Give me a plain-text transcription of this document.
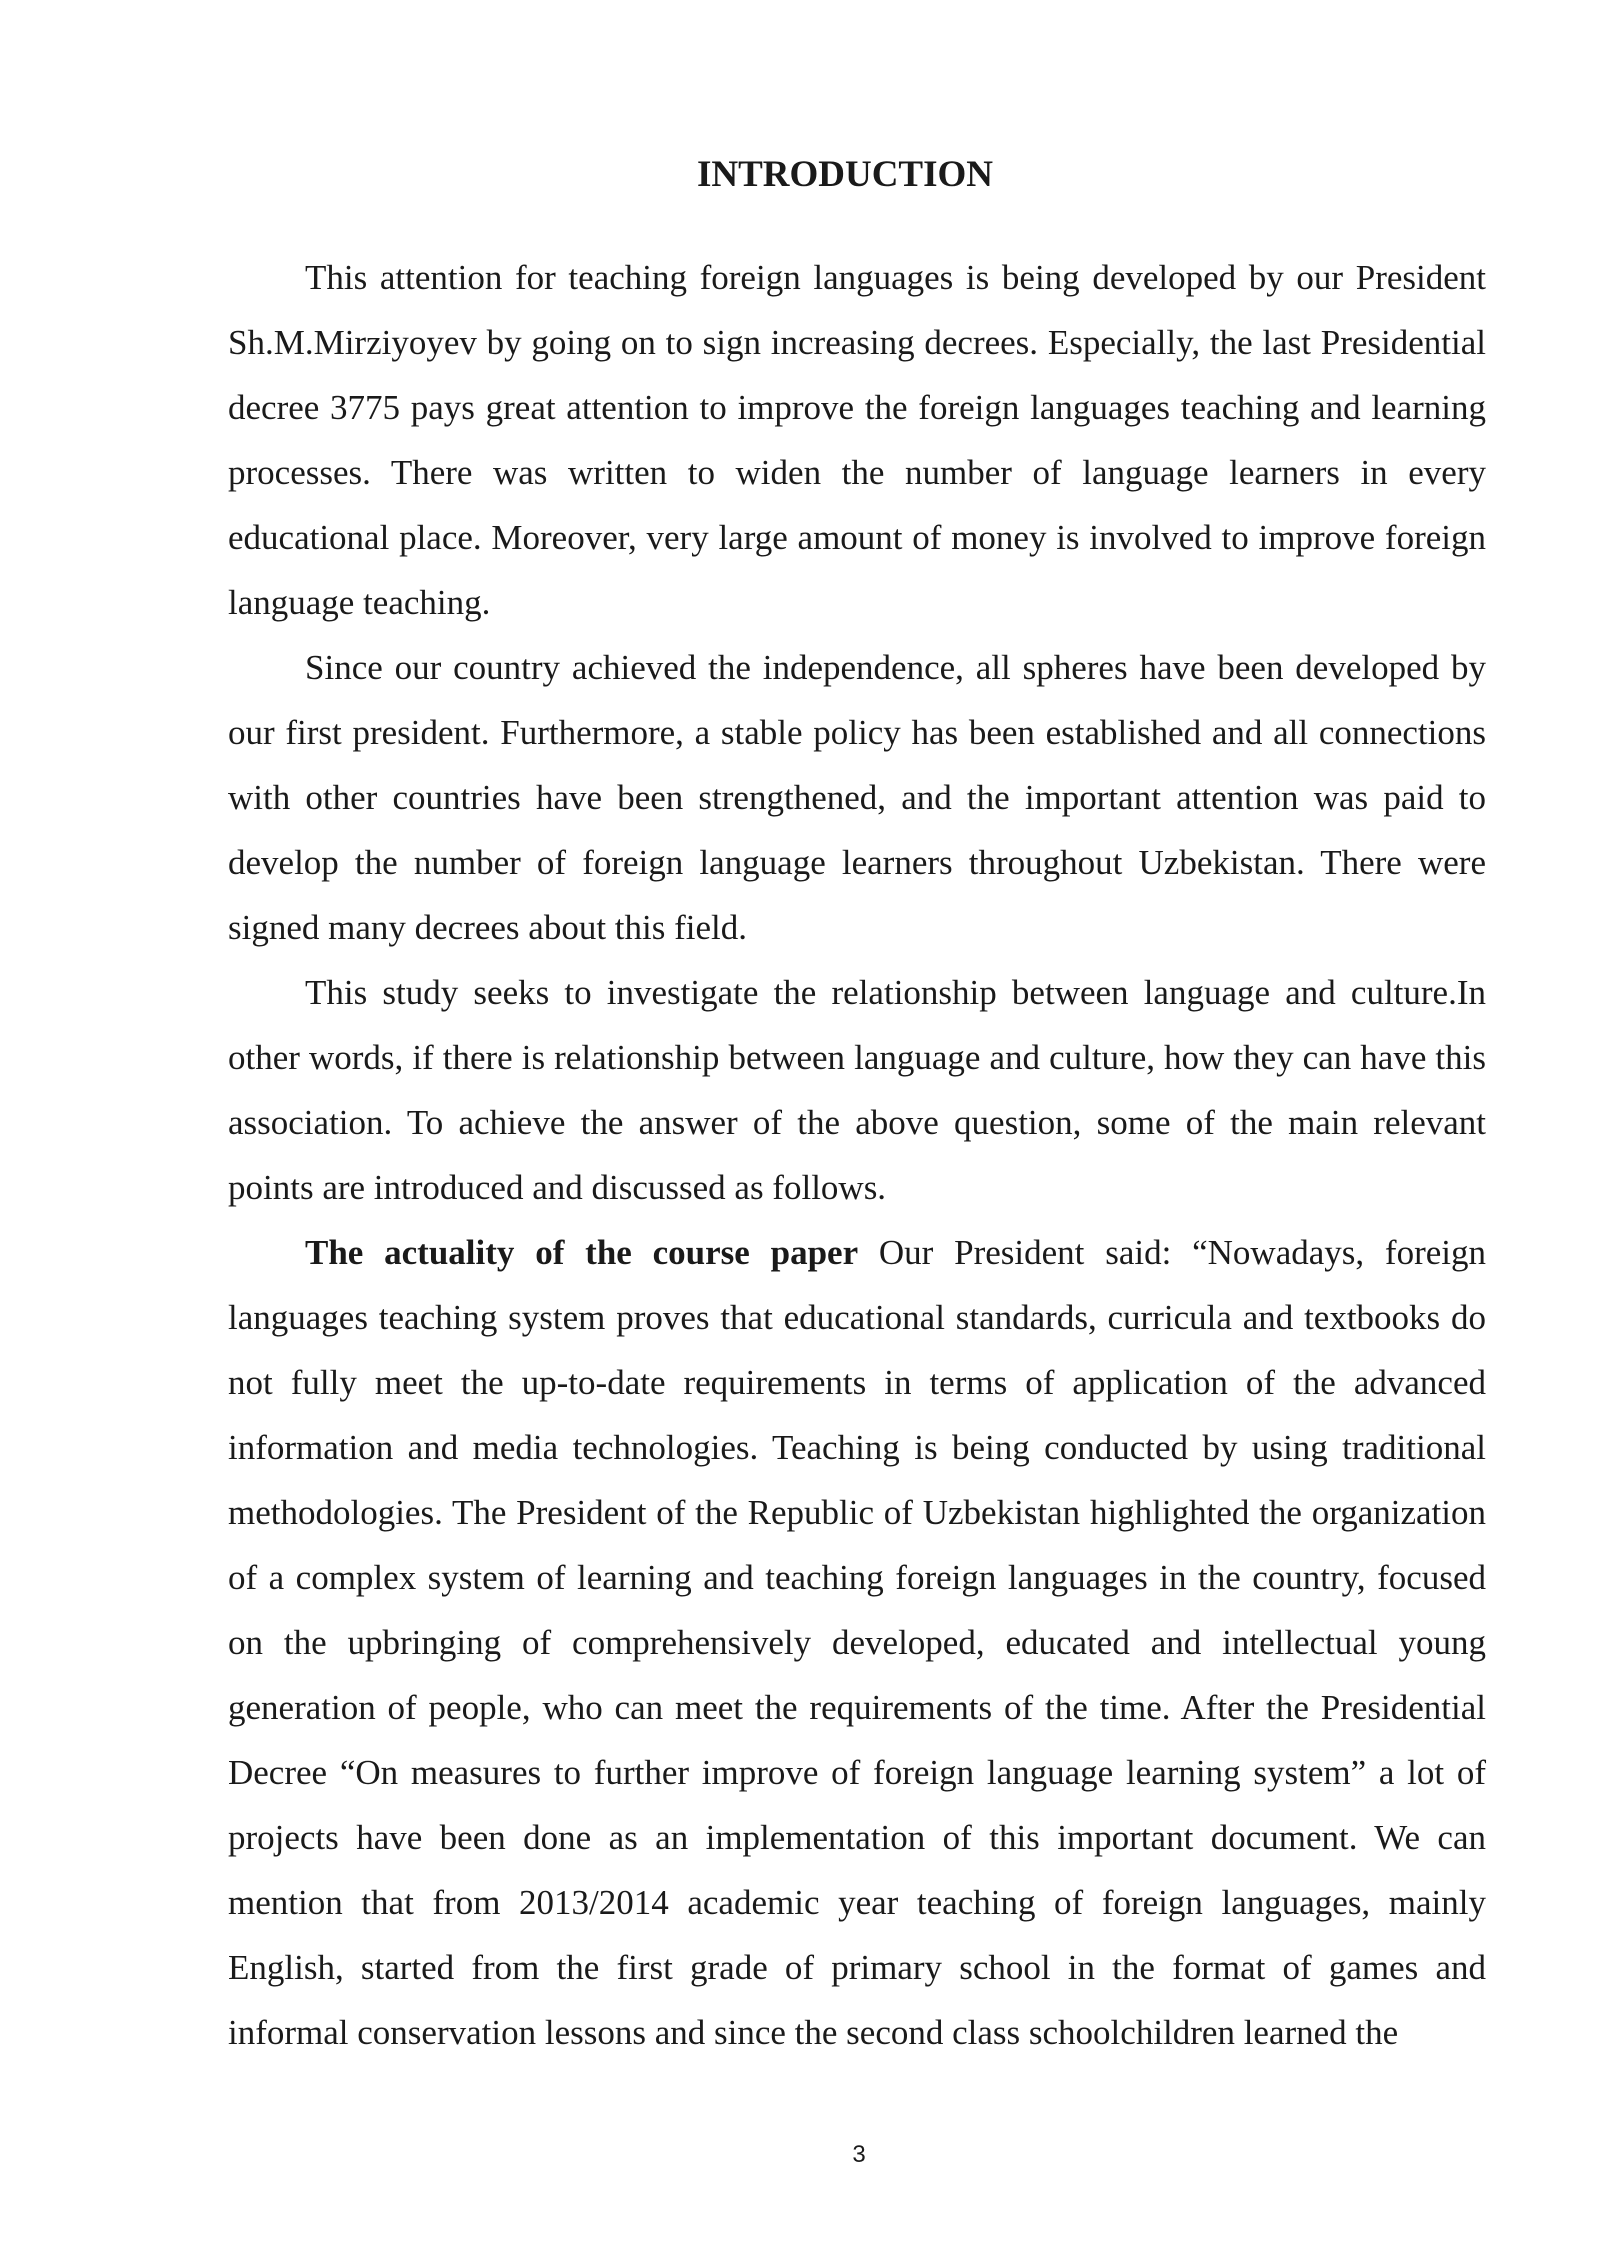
INTRODUCTION

This attention for teaching foreign languages is being developed by our President Sh.M.Mirziyoyev by going on to sign increasing decrees. Especially, the last Presidential decree 3775 pays great attention to improve the foreign languages teaching and learning processes. There was written to widen the number of language learners in every educational place. Moreover, very large amount of money is involved to improve foreign language teaching.

Since our country achieved the independence, all spheres have been developed by our first president. Furthermore, a stable policy has been established and all connections with other countries have been strengthened, and the important attention was paid to develop the number of foreign language learners throughout Uzbekistan. There were signed many decrees about this field.

This study seeks to investigate the relationship between language and culture.In other words, if there is relationship between language and culture, how they can have this association. To achieve the answer of the above question, some of the main relevant points are introduced and discussed as follows.

The actuality of the course paper Our President said: “Nowadays, foreign languages teaching system proves that educational standards, curricula and textbooks do not fully meet the up-to-date requirements in terms of application of the advanced information and media technologies. Teaching is being conducted by using traditional methodologies. The President of the Republic of Uzbekistan highlighted the organization of a complex system of learning and teaching foreign languages in the country, focused on the upbringing of comprehensively developed, educated and intellectual young generation of people, who can meet the requirements of the time. After the Presidential Decree “On measures to further improve of foreign language learning system” a lot of projects have been done as an implementation of this important document. We can mention that from 2013/2014 academic year teaching of foreign languages, mainly English, started from the first grade of primary school in the format of games and informal conservation lessons and since the second class schoolchildren learned the

3
